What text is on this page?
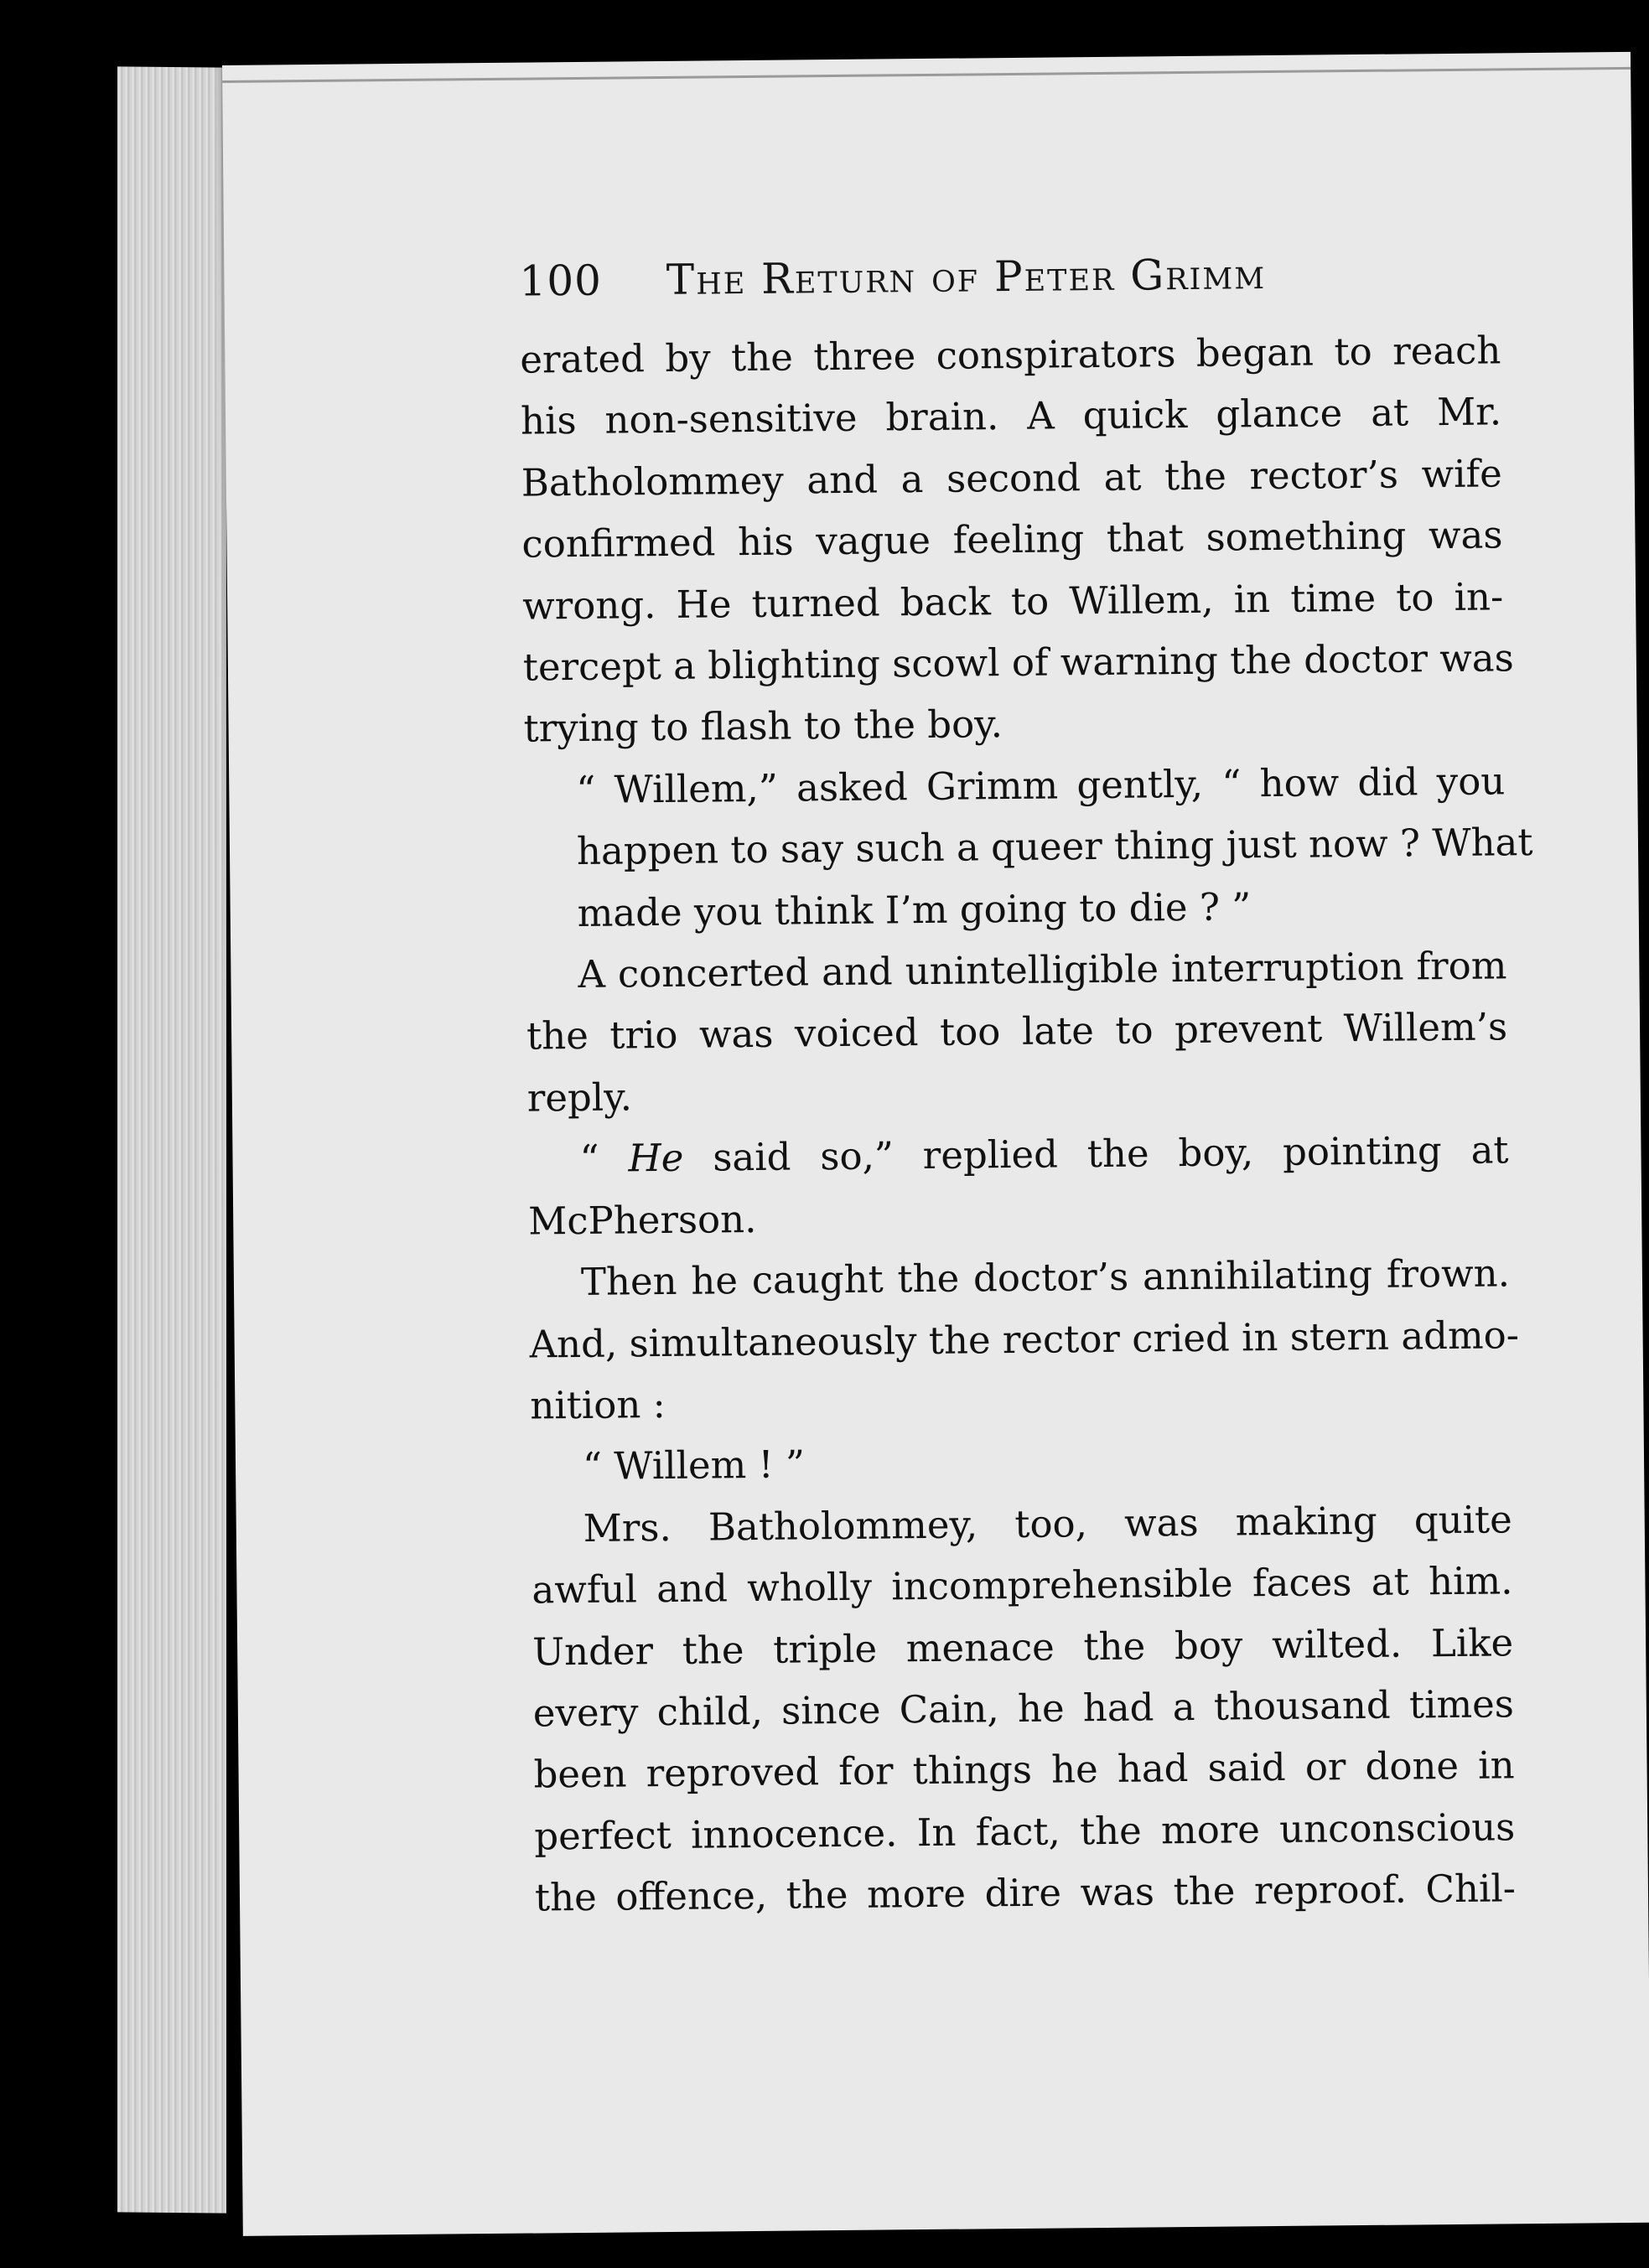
100 The Return of Peter Grimm

erated by the three conspirators began to reach
his non-sensitive brain. A quick glance at Mr.
Batholommey and a second at the rector’s wife
confirmed his vague feeling that something was
wrong. He turned back to Willem, in time to in-
tercept a blighting scowl of warning the doctor was
trying to flash to the boy.

“ Willem,” asked Grimm gently, “ how did you
happen to say such a queer thing just now ? What
made you think I’m going to die ? ”

A concerted and unintelligible interruption from
the trio was voiced too late to prevent Willem’s
reply.

“ He said so,” replied the boy, pointing at
McPherson.

Then he caught the doctor’s annihilating frown.
And, simultaneously the rector cried in stern admo-
nition :

“ Willem ! ”

Mrs. Batholommey, too, was making quite
awful and wholly incomprehensible faces at him.
Under the triple menace the boy wilted. Like
every child, since Cain, he had a thousand times
been reproved for things he had said or done in
perfect innocence. In fact, the more unconscious
the offence, the more dire was the reproof. Chil-
